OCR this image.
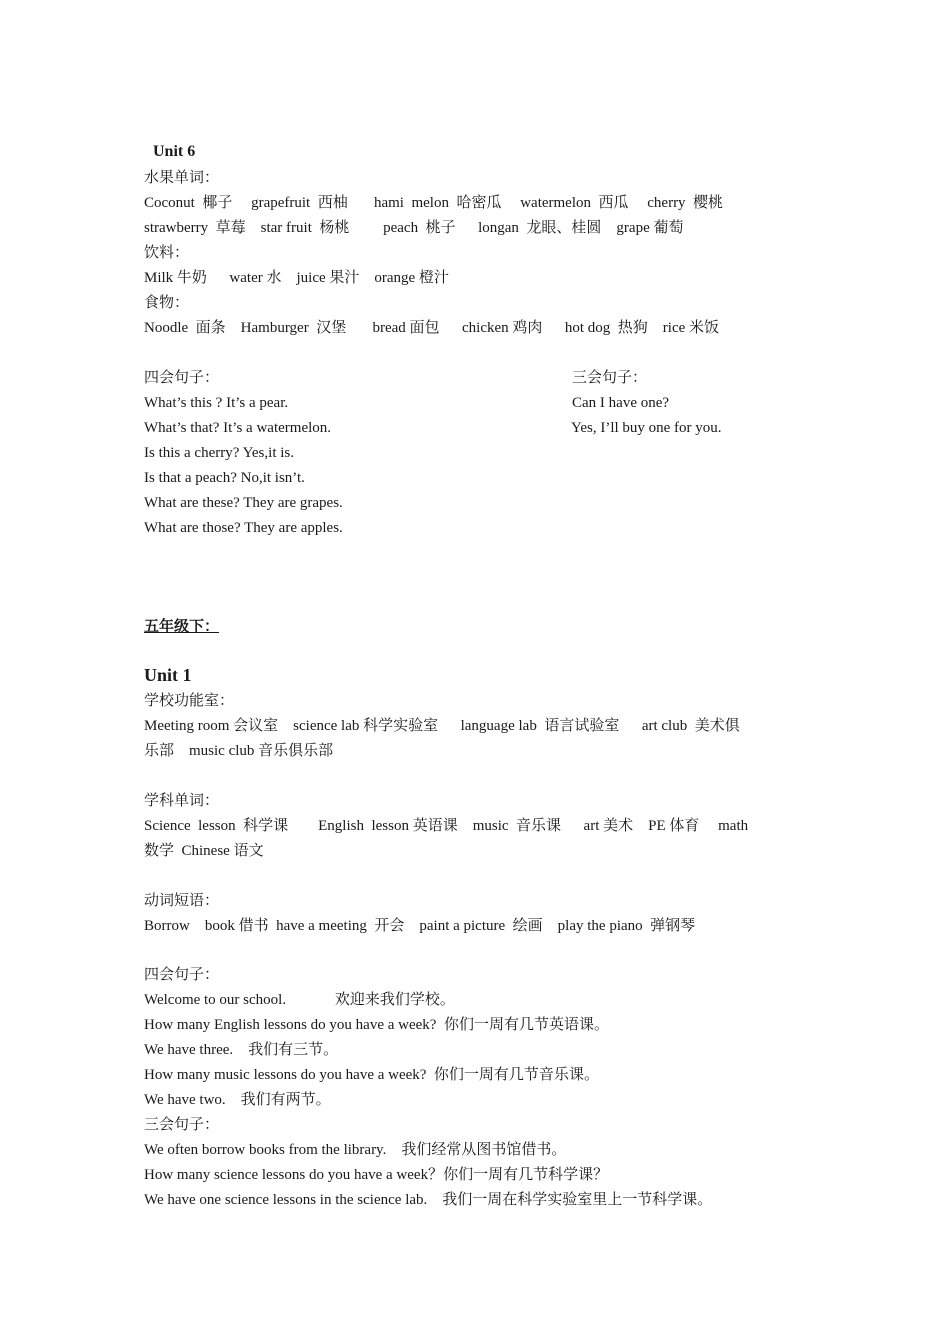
Unit 6
水果单词：
Coconut  椰子     grapefruit  西柚       hami  melon  哈密瓜     watermelon  西瓜     cherry  樱桃
strawberry  草莓    star fruit  杨桃         peach  桃子      longan  龙眼、桂圆    grape 葡萄
饮料：
Milk 牛奶      water 水    juice 果汁    orange 橙汁
食物：
Noodle  面条    Hamburger  汉堡       bread 面包      chicken 鸡肉      hot dog  热狗    rice 米饭
四会句子：
What’s this ? It’s a pear.
What’s that? It’s a watermelon.
Is this a cherry? Yes,it is.
Is that a peach? No,it isn’t.
What are these? They are grapes.
What are those? They are apples.
三会句子：
Can I have one?
Yes, I’ll buy one for you.
五年级下：
Unit 1
学校功能室：
Meeting room 会议室    science lab 科学实验室      language lab  语言试验室      art club  美术俱
乐部    music club 音乐俱乐部
学科单词：
Science  lesson  科学课        English  lesson 英语课    music  音乐课      art 美术    PE 体育     math
数学  Chinese 语文
动词短语：
Borrow    book 借书  have a meeting  开会    paint a picture  绘画    play the piano  弹钢琴
四会句子：
Welcome to our school.             欢迎来我们学校。
How many English lessons do you have a week?  你们一周有几节英语课。
We have three.    我们有三节。
How many music lessons do you have a week?  你们一周有几节音乐课。
We have two.    我们有两节。
三会句子：
We often borrow books from the library.    我们经常从图书馆借书。
How many science lessons do you have a week？你们一周有几节科学课？
We have one science lessons in the science lab.    我们一周在科学实验室里上一节科学课。
